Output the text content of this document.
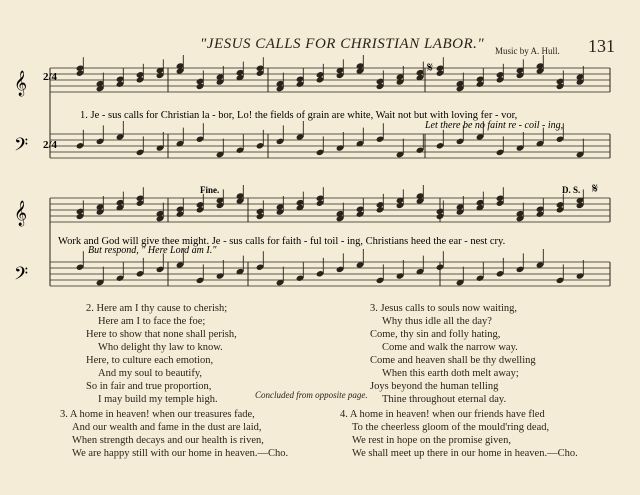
"JESUS CALLS FOR CHRISTIAN LABOR." Music by A. Hull. 131
𝄞
𝄢
𝄞
𝄢
2/4
2/4
𝄋
𝄋
1. Je - sus calls for Christian la - bor, Lo! the fields of grain are white, Wait not but with loving fer - vor,
Let there be no faint re - coil - ing,
Fine.	D. S.
Work and God will give thee might. Je - sus calls for faith - ful toil - ing, Christians heed the ear - nest cry.
But respond, " Here Lord am I."
2. Here am I thy cause to cherish;
Here am I to face the foe;
Here to show that none shall perish,
Who delight thy law to know.
Here, to culture each emotion,
And my soul to beautify,
So in fair and true proportion,
I may build my temple high.
3. Jesus calls to souls now waiting,
Why thus idle all the day?
Come, thy sin and folly hating,
Come and walk the narrow way.
Come and heaven shall be thy dwelling
When this earth doth melt away;
Joys beyond the human telling
Thine throughout eternal day.
Concluded from opposite page.
3. A home in heaven! when our treasures fade,
And our wealth and fame in the dust are laid,
When strength decays and our health is riven,
We are happy still with our home in heaven.—Cho.
4. A home in heaven! when our friends have fled
To the cheerless gloom of the mould'ring dead,
We rest in hope on the promise given,
We shall meet up there in our home in heaven.—Cho.
